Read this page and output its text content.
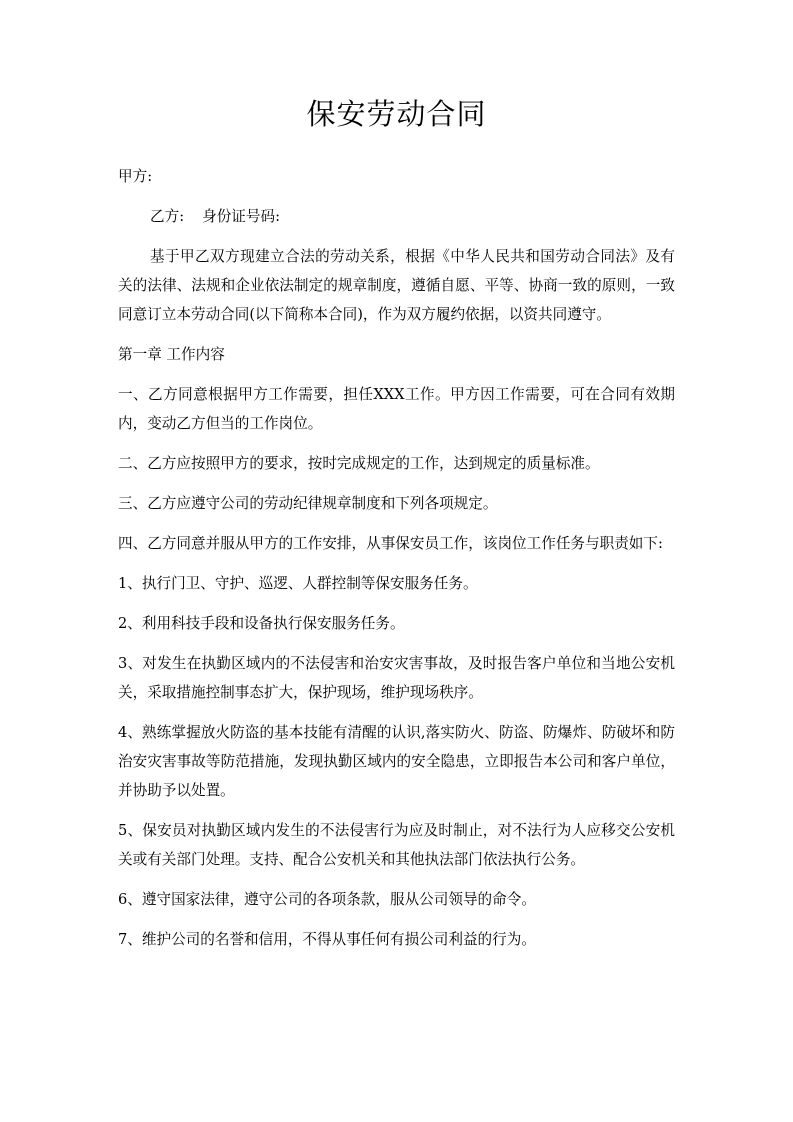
保安劳动合同

甲方:

乙方: 身份证号码:

基于甲乙双方现建立合法的劳动关系，根据《中华人民共和国劳动合同法》及有关的法律、法规和企业依法制定的规章制度，遵循自愿、平等、协商一致的原则，一致同意订立本劳动合同(以下简称本合同)，作为双方履约依据，以资共同遵守。

第一章 工作内容

一、乙方同意根据甲方工作需要，担任XXX工作。甲方因工作需要，可在合同有效期内，变动乙方但当的工作岗位。

二、乙方应按照甲方的要求，按时完成规定的工作，达到规定的质量标准。

三、乙方应遵守公司的劳动纪律规章制度和下列各项规定。

四、乙方同意并服从甲方的工作安排，从事保安员工作，该岗位工作任务与职责如下:

1、执行门卫、守护、巡逻、人群控制等保安服务任务。

2、利用科技手段和设备执行保安服务任务。

3、对发生在执勤区域内的不法侵害和治安灾害事故，及时报告客户单位和当地公安机关，采取措施控制事态扩大，保护现场，维护现场秩序。

4、熟练掌握放火防盗的基本技能有清醒的认识,落实防火、防盗、防爆炸、防破坏和防治安灾害事故等防范措施，发现执勤区域内的安全隐患，立即报告本公司和客户单位，并协助予以处置。

5、保安员对执勤区域内发生的不法侵害行为应及时制止，对不法行为人应移交公安机关或有关部门处理。支持、配合公安机关和其他执法部门依法执行公务。

6、遵守国家法律，遵守公司的各项条款，服从公司领导的命令。

7、维护公司的名誉和信用，不得从事任何有损公司利益的行为。
